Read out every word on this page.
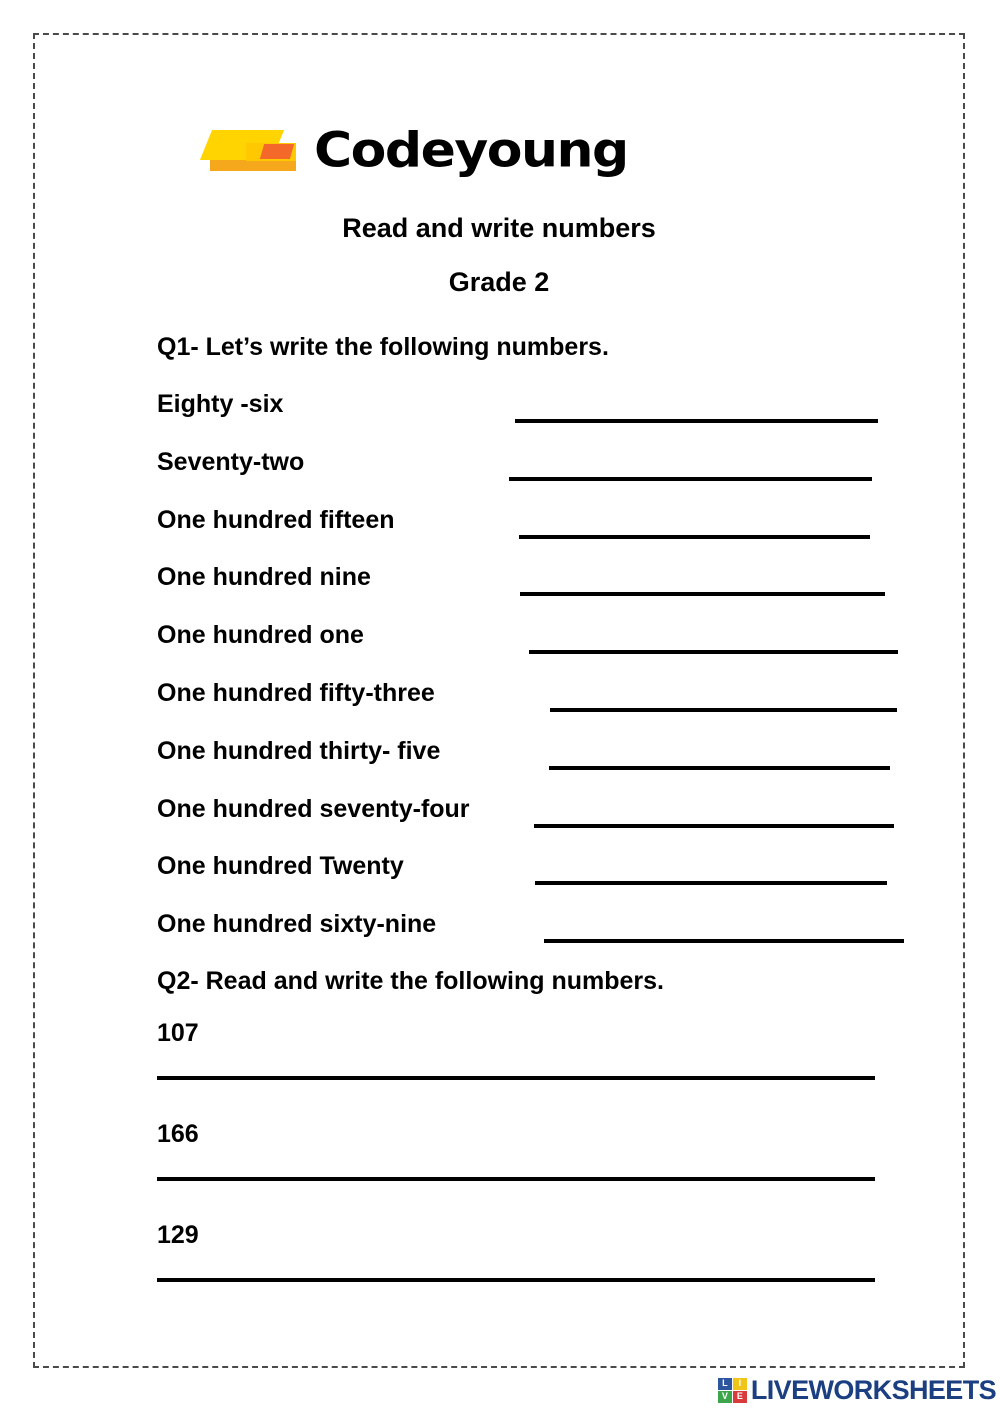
Codeyoung
Read and write numbers
Grade 2
Q1- Let’s write the following numbers.
Eighty -six
Seventy-two
One hundred fifteen
One hundred nine
One hundred one
One hundred fifty-three
One hundred thirty- five
One hundred seventy-four
One hundred Twenty
One hundred sixty-nine
Q2- Read and write the following numbers.
107
166
129
L	I
V E LIVEWORKSHEETS
